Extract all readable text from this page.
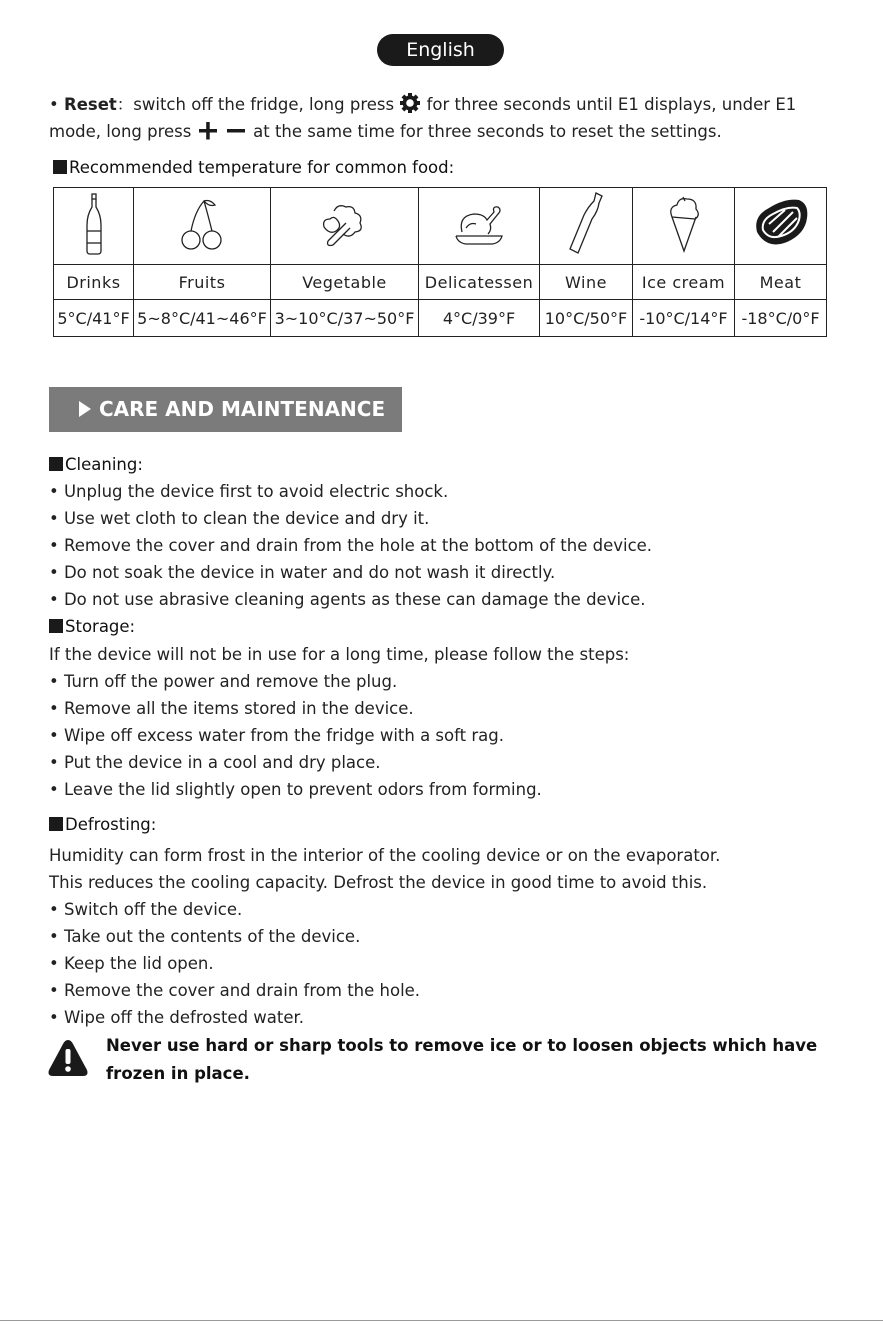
English
• Reset：switch off the fridge, long press for three seconds until E1 displays, under E1
mode, long press	at the same time for three seconds to reset the settings.
Recommended temperature for common food:

Drinks	Fruits	Vegetable	Delicatessen	Wine	Ice cream	Meat
5°C/41°F	5~8°C/41~46°F	3~10°C/37~50°F	4°C/39°F	10°C/50°F	-10°C/14°F	-18°C/0°F
CARE AND MAINTENANCE
Cleaning:
• Unplug the device first to avoid electric shock.
• Use wet cloth to clean the device and dry it.
• Remove the cover and drain from the hole at the bottom of the device.
• Do not soak the device in water and do not wash it directly.
• Do not use abrasive cleaning agents as these can damage the device.
Storage:
If the device will not be in use for a long time, please follow the steps:
• Turn off the power and remove the plug.
• Remove all the items stored in the device.
• Wipe off excess water from the fridge with a soft rag.
• Put the device in a cool and dry place.
• Leave the lid slightly open to prevent odors from forming.
Defrosting:
Humidity can form frost in the interior of the cooling device or on the evaporator.
This reduces the cooling capacity. Defrost the device in good time to avoid this.
• Switch off the device.
• Take out the contents of the device.
• Keep the lid open.
• Remove the cover and drain from the hole.
• Wipe off the defrosted water.
Never use hard or sharp tools to remove ice or to loosen objects which have
frozen in place.
